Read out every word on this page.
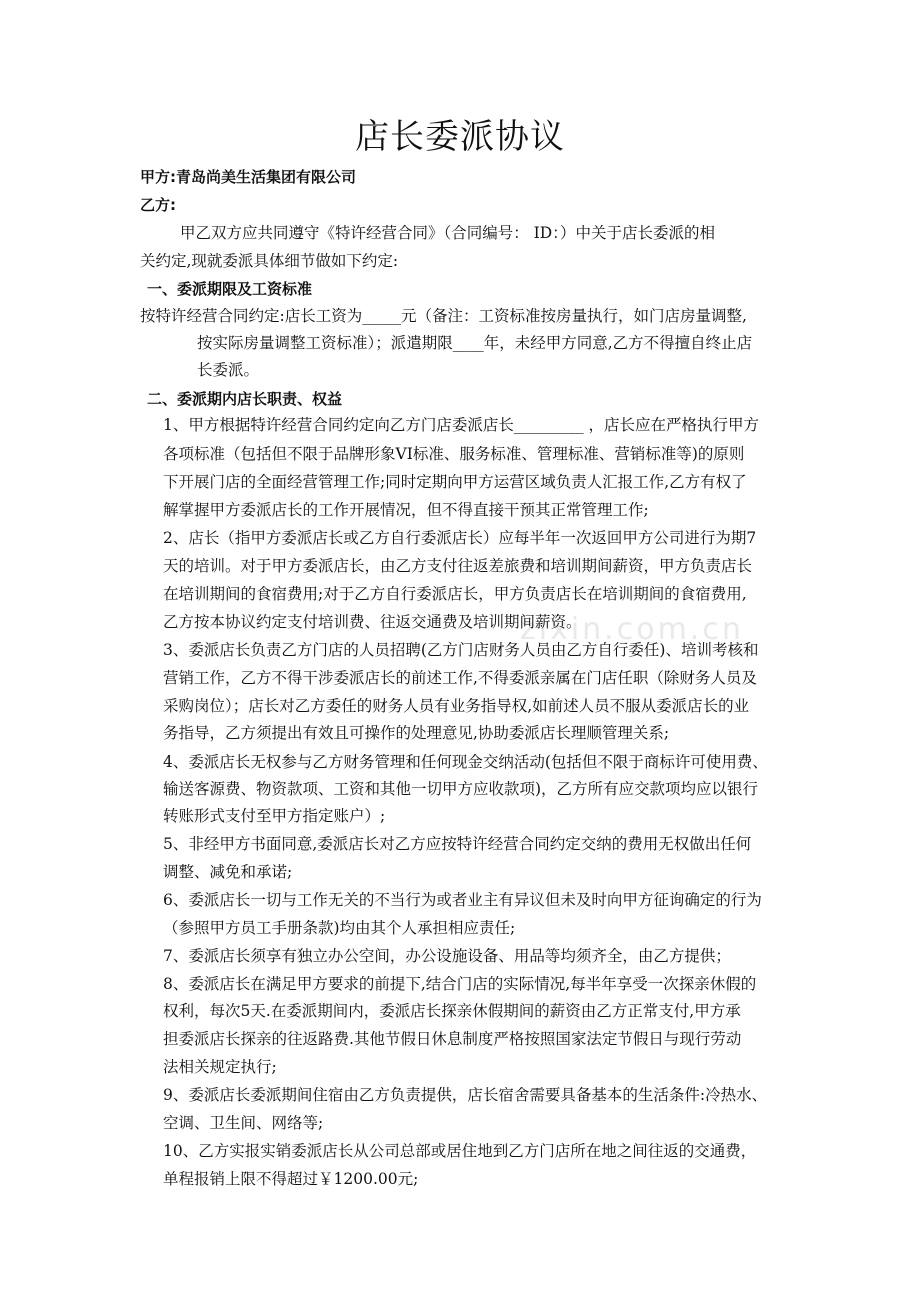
店长委派协议
甲方:青岛尚美生活集团有限公司
乙方:
甲乙双方应共同遵守《特许经营合同》（合同编号： ID：）中关于店长委派的相
关约定,现就委派具体细节做如下约定:
一、委派期限及工资标准
按特许经营合同约定:店长工资为_____元（备注：工资标准按房量执行，如门店房量调整,
按实际房量调整工资标准）；派遣期限____年，未经甲方同意,乙方不得擅自终止店
长委派。
二、委派期内店长职责、权益
zixin.com.cn
1、甲方根据特许经营合同约定向乙方门店委派店长_________ ，店长应在严格执行甲方
各项标准（包括但不限于品牌形象VI标准、服务标准、管理标准、营销标准等)的原则
下开展门店的全面经营管理工作;同时定期向甲方运营区域负责人汇报工作,乙方有权了
解掌握甲方委派店长的工作开展情况，但不得直接干预其正常管理工作;
2、店长（指甲方委派店长或乙方自行委派店长）应每半年一次返回甲方公司进行为期7
天的培训。对于甲方委派店长，由乙方支付往返差旅费和培训期间薪资，甲方负责店长
在培训期间的食宿费用;对于乙方自行委派店长，甲方负责店长在培训期间的食宿费用,
乙方按本协议约定支付培训费、往返交通费及培训期间薪资。
3、委派店长负责乙方门店的人员招聘(乙方门店财务人员由乙方自行委任)、培训考核和
营销工作，乙方不得干涉委派店长的前述工作,不得委派亲属在门店任职（除财务人员及
采购岗位）；店长对乙方委任的财务人员有业务指导权,如前述人员不服从委派店长的业
务指导，乙方须提出有效且可操作的处理意见,协助委派店长理顺管理关系;
4、委派店长无权参与乙方财务管理和任何现金交纳活动(包括但不限于商标许可使用费、
输送客源费、物资款项、工资和其他一切甲方应收款项)，乙方所有应交款项均应以银行
转账形式支付至甲方指定账户）;
5、非经甲方书面同意,委派店长对乙方应按特许经营合同约定交纳的费用无权做出任何
调整、减免和承诺;
6、委派店长一切与工作无关的不当行为或者业主有异议但未及时向甲方征询确定的行为
（参照甲方员工手册条款)均由其个人承担相应责任;
7、委派店长须享有独立办公空间，办公设施设备、用品等均须齐全，由乙方提供；
8、委派店长在满足甲方要求的前提下,结合门店的实际情况,每半年享受一次探亲休假的
权利，每次5天.在委派期间内，委派店长探亲休假期间的薪资由乙方正常支付,甲方承
担委派店长探亲的往返路费.其他节假日休息制度严格按照国家法定节假日与现行劳动
法相关规定执行;
9、委派店长委派期间住宿由乙方负责提供，店长宿舍需要具备基本的生活条件:冷热水、
空调、卫生间、网络等;
10、乙方实报实销委派店长从公司总部或居住地到乙方门店所在地之间往返的交通费，
单程报销上限不得超过￥1200.00元;
